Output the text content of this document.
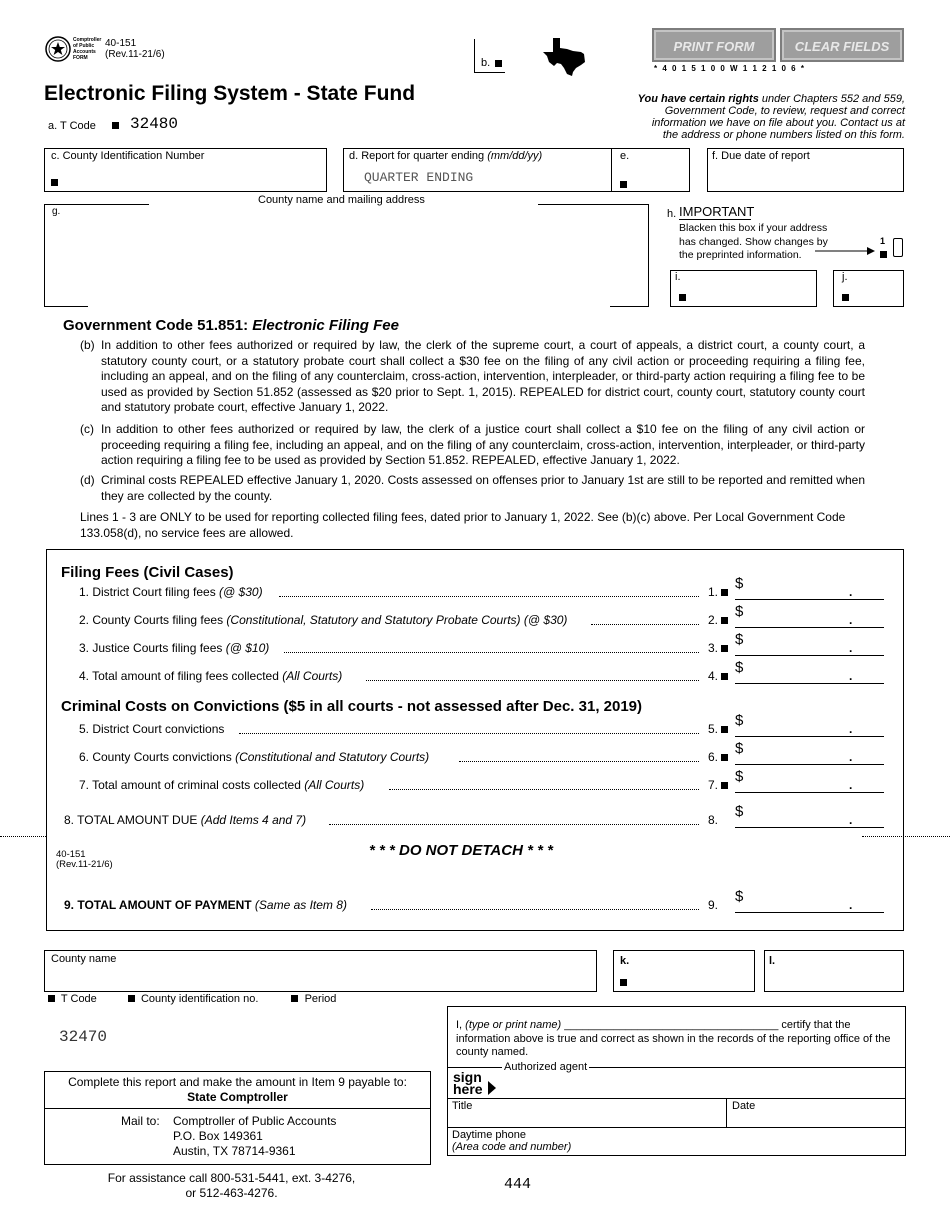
Comptroller of Public Accounts FORM
40-151
(Rev.11-21/6)
Electronic Filing System - State Fund
b.
PRINT FORM	CLEAR FIELDS
* 4 0 1 5 1 0 0 W 1 1 2 1 0 6 *
You have certain rights under Chapters 552 and 559,
Government Code, to review, request and correct
information we have on file about you. Contact us at
the address or phone numbers listed on this form.
a. T Code 32480
c. County Identification Number	d. Report for quarter ending (mm/dd/yy)
QUARTER ENDING
e.	f. Due date of report
g.
County name and mailing address
h. IMPORTANT
Blacken this box if your address
has changed. Show changes by
the preprinted information.
1
i.	j.
Government Code 51.851: Electronic Filing Fee
(b) In addition to other fees authorized or required by law, the clerk of the supreme court, a court of appeals, a district court, a county court, a statutory county court, or a statutory probate court shall collect a $30 fee on the filing of any civil action or proceeding requiring a filing fee, including an appeal, and on the filing of any counterclaim, cross-action, intervention, interpleader, or third-party action requiring a filing fee to be used as provided by Section 51.852 (assessed as $20 prior to Sept. 1, 2015). REPEALED for district court, county court, statutory county court and statutory probate court, effective January 1, 2022.
(c) In addition to other fees authorized or required by law, the clerk of a justice court shall collect a $10 fee on the filing of any civil action or proceeding requiring a filing fee, including an appeal, and on the filing of any counterclaim, cross-action, intervention, interpleader, or third-party action requiring a filing fee to be used as provided by Section 51.852. REPEALED, effective January 1, 2022.
(d) Criminal costs REPEALED effective January 1, 2020. Costs assessed on offenses prior to January 1st are still to be reported and remitted when they are collected by the county.
Lines 1 - 3 are ONLY to be used for reporting collected filing fees, dated prior to January 1, 2022. See (b)(c) above. Per Local Government Code 133.058(d), no service fees are allowed.
Filing Fees (Civil Cases)
Criminal Costs on Convictions ($5 in all courts - not assessed after Dec. 31, 2019)
1. District Court filing fees (@ $30)	1.	$	.
2. County Courts filing fees (Constitutional, Statutory and Statutory Probate Courts) (@ $30)	2.	$	.
3. Justice Courts filing fees (@ $10)	3.	$	.
4. Total amount of filing fees collected (All Courts)	4.	$	.
5. District Court convictions	5.	$	.
6. County Courts convictions (Constitutional and Statutory Courts)	6.	$	.
7. Total amount of criminal costs collected (All Courts)	7.	$	.
8. TOTAL AMOUNT DUE (Add Items 4 and 7)	8. $	.
9. TOTAL AMOUNT OF PAYMENT (Same as Item 8)	9. $	.
* * * DO NOT DETACH * * *
40-151
(Rev.11-21/6)
County name	k.	l.
T Code	County identification no.	Period
32470
Complete this report and make the amount in Item 9 payable to:
State Comptroller
Mail to: Comptroller of Public Accounts
P.O. Box 149361
Austin, TX 78714-9361
For assistance call 800-531-5441, ext. 3-4276,
or 512-463-4276.	444
I, (type or print name) ___________________________________ certify that the
information above is true and correct as shown in the records of the reporting office of the
county named.
Authorized agent
sign
here
Title	Date
Daytime phone
(Area code and number)
